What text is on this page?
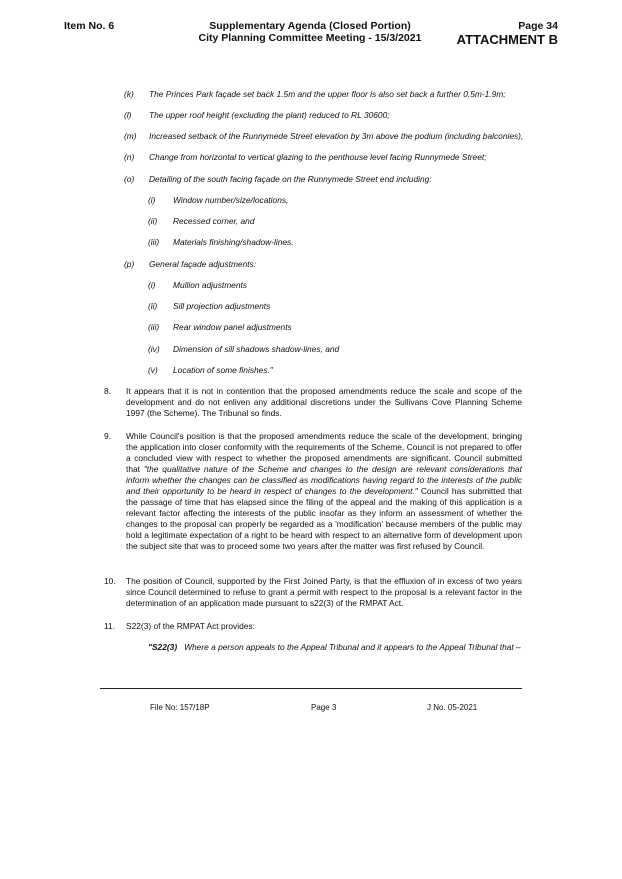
Item No. 6	Supplementary Agenda (Closed Portion)
City Planning Committee Meeting - 15/3/2021
Page 34
ATTACHMENT B
(k) The Princes Park façade set back 1.5m and the upper floor is also set back a further 0.5m-1.9m;
(l) The upper roof height (excluding the plant) reduced to RL 30600;
(m) Increased setback of the Runnymede Street elevation by 3m above the podium (including balconies),
(n) Change from horizontal to vertical glazing to the penthouse level facing Runnymede Street;
(o) Detailing of the south facing façade on the Runnymede Street end including:
(i) Window number/size/locations,
(ii) Recessed corner, and
(iii) Materials finishing/shadow-lines.
(p) General façade adjustments:
(i) Mullion adjustments
(ii) Sill projection adjustments
(iii) Rear window panel adjustments
(iv) Dimension of sill shadows shadow-lines, and
(v) Location of some finishes."
8. It appears that it is not in contention that the proposed amendments reduce the scale and scope of the development and do not enliven any additional discretions under the Sullivans Cove Planning Scheme 1997 (the Scheme). The Tribunal so finds.
9. While Council's position is that the proposed amendments reduce the scale of the development, bringing the application into closer conformity with the requirements of the Scheme, Council is not prepared to offer a concluded view with respect to whether the proposed amendments are significant. Council submitted that "the qualitative nature of the Scheme and changes to the design are relevant considerations that inform whether the changes can be classified as modifications having regard to the interests of the public and their opportunity to be heard in respect of changes to the development." Council has submitted that the passage of time that has elapsed since the filing of the appeal and the making of this application is a relevant factor affecting the interests of the public insofar as they inform an assessment of whether the changes to the proposal can properly be regarded as a 'modification' because members of the public may hold a legitimate expectation of a right to be heard with respect to an alternative form of development upon the subject site that was to proceed some two years after the matter was first refused by Council.
10. The position of Council, supported by the First Joined Party, is that the effluxion of in excess of two years since Council determined to refuse to grant a permit with respect to the proposal is a relevant factor in the determination of an application made pursuant to s22(3) of the RMPAT Act.
11. S22(3) of the RMPAT Act provides:
"S22(3) Where a person appeals to the Appeal Tribunal and it appears to the Appeal Tribunal that –
File No: 157/18P	Page 3	J No. 05-2021
